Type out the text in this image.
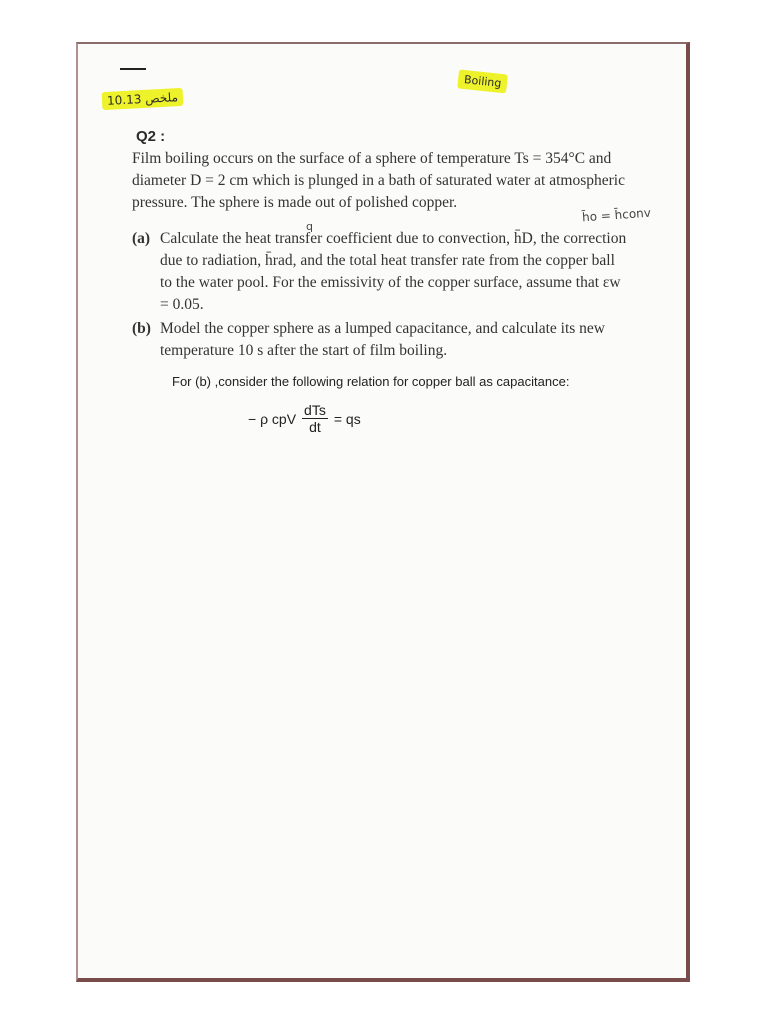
ملخص 10.13
Boiling
Q2 :
Film boiling occurs on the surface of a sphere of temperature Ts = 354°C and diameter D = 2 cm which is plunged in a bath of saturated water at atmospheric pressure. The sphere is made out of polished copper.
h̄o = h̄conv
q
(a) Calculate the heat transfer coefficient due to convection, h̄D, the correction due to radiation, h̄rad, and the total heat transfer rate from the copper ball to the water pool. For the emissivity of the copper surface, assume that εw = 0.05.
(b) Model the copper sphere as a lumped capacitance, and calculate its new temperature 10 s after the start of film boiling.
For (b) ,consider the following relation for copper ball as capacitance:
− ρ cpV $\frac{\text{dTs}}{dt}$ = qs
